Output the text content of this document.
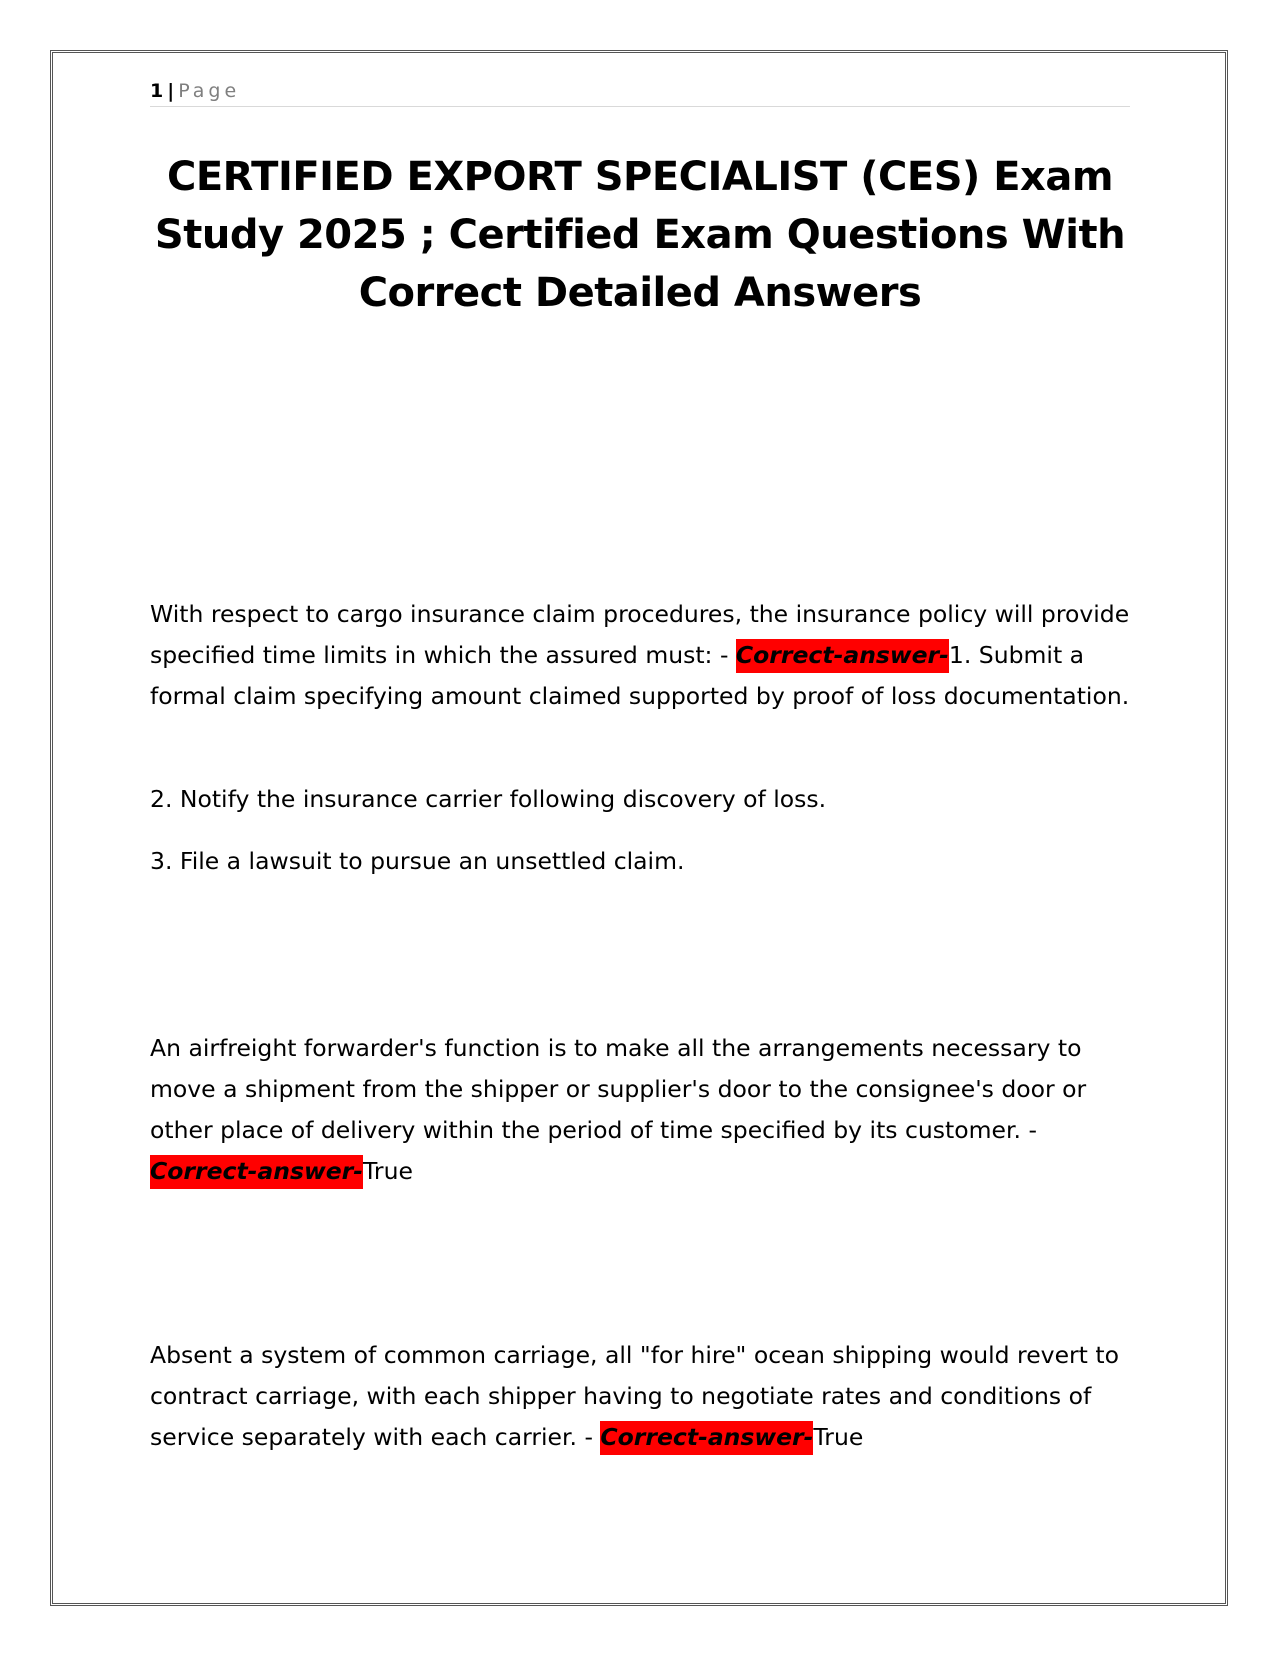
1 | Page
CERTIFIED EXPORT SPECIALIST (CES) Exam Study 2025 ; Certified Exam Questions With Correct Detailed Answers

With respect to cargo insurance claim procedures, the insurance policy will provide specified time limits in which the assured must: - Correct-answer-1. Submit a formal claim specifying amount claimed supported by proof of loss documentation.

2. Notify the insurance carrier following discovery of loss.

3. File a lawsuit to pursue an unsettled claim.

An airfreight forwarder's function is to make all the arrangements necessary to move a shipment from the shipper or supplier's door to the consignee's door or other place of delivery within the period of time specified by its customer. - Correct-answer-True

Absent a system of common carriage, all "for hire" ocean shipping would revert to contract carriage, with each shipper having to negotiate rates and conditions of service separately with each carrier. - Correct-answer-True
